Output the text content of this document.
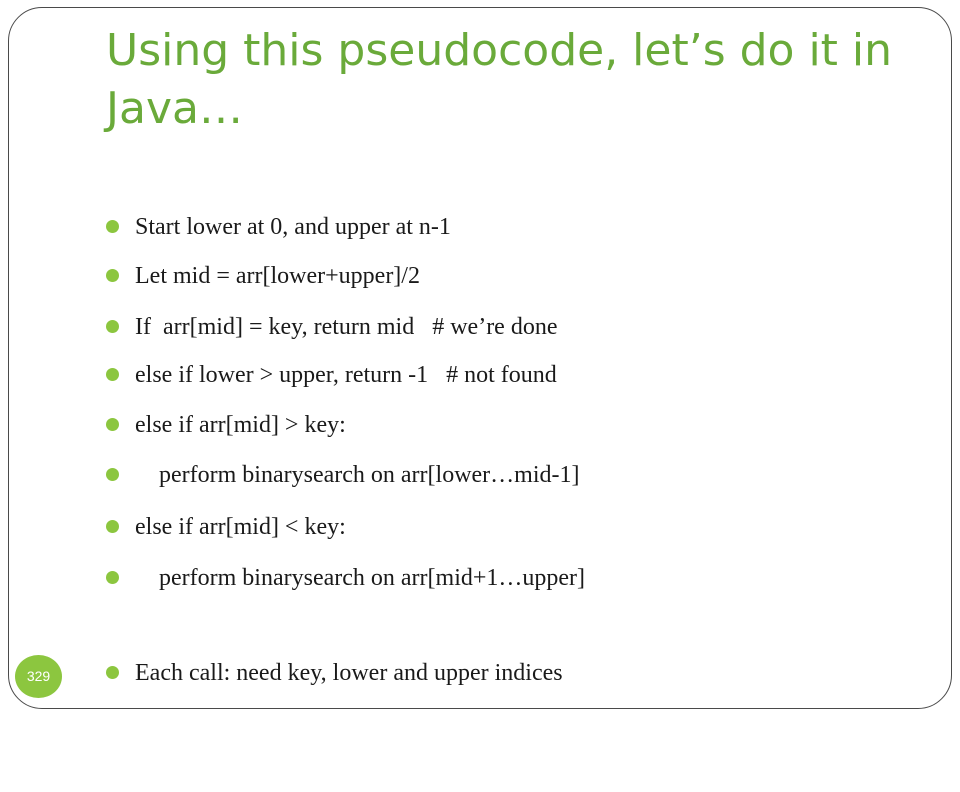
Using this pseudocode, let’s do it in Java…

Start lower at 0, and upper at n-1

Let mid = arr[lower+upper]/2

If  arr[mid] = key, return mid   # we’re done

else if lower > upper, return -1   # not found

else if arr[mid] > key:

perform binarysearch on arr[lower…mid-1]

else if arr[mid] < key:

perform binarysearch on arr[mid+1…upper]

Each call: need key, lower and upper indices

329
